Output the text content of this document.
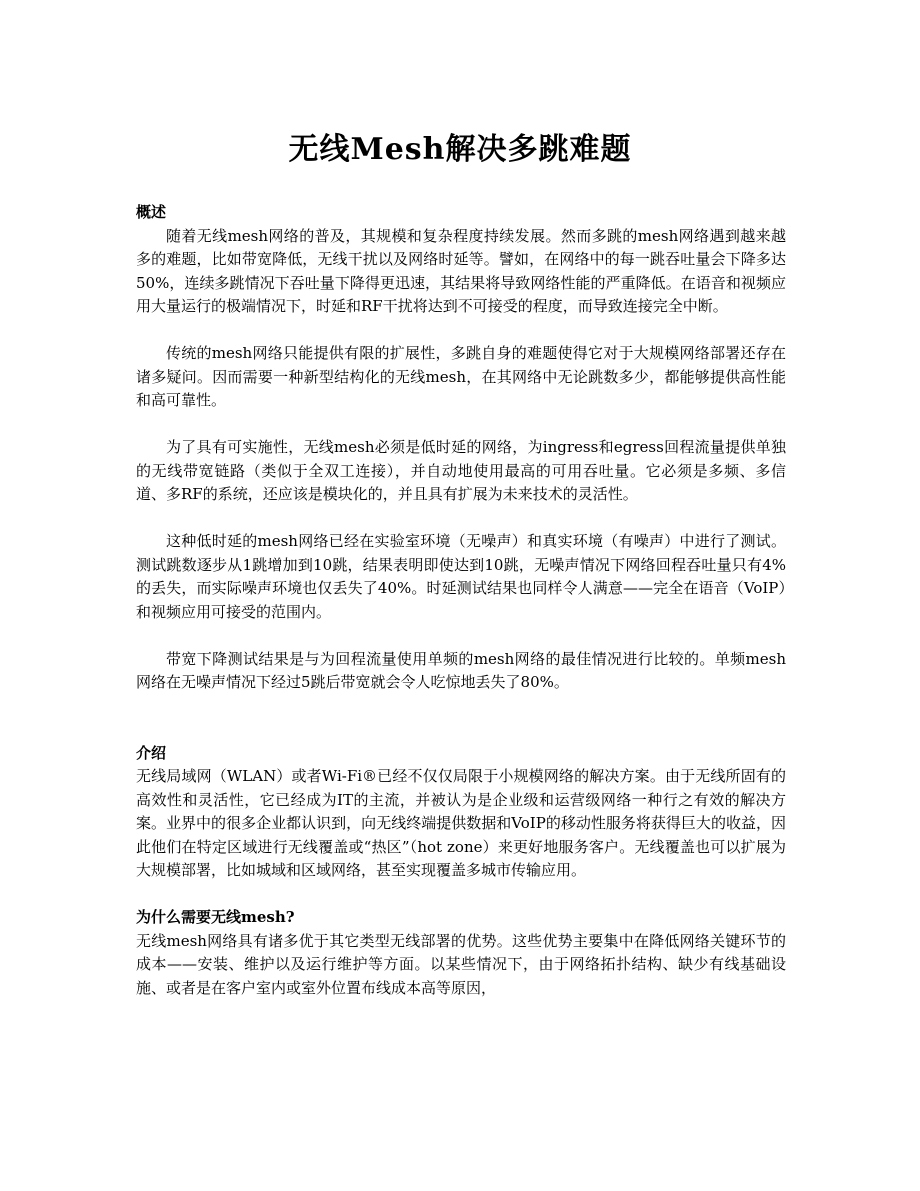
无线Mesh解决多跳难题

概述

随着无线mesh网络的普及，其规模和复杂程度持续发展。然而多跳的mesh网络遇到越来越多的难题，比如带宽降低，无线干扰以及网络时延等。譬如，在网络中的每一跳吞吐量会下降多达50%，连续多跳情况下吞吐量下降得更迅速，其结果将导致网络性能的严重降低。在语音和视频应用大量运行的极端情况下，时延和RF干扰将达到不可接受的程度，而导致连接完全中断。

传统的mesh网络只能提供有限的扩展性，多跳自身的难题使得它对于大规模网络部署还存在诸多疑问。因而需要一种新型结构化的无线mesh，在其网络中无论跳数多少，都能够提供高性能和高可靠性。

为了具有可实施性，无线mesh必须是低时延的网络，为ingress和egress回程流量提供单独的无线带宽链路（类似于全双工连接），并自动地使用最高的可用吞吐量。它必须是多频、多信道、多RF的系统，还应该是模块化的，并且具有扩展为未来技术的灵活性。

这种低时延的mesh网络已经在实验室环境（无噪声）和真实环境（有噪声）中进行了测试。测试跳数逐步从1跳增加到10跳，结果表明即使达到10跳，无噪声情况下网络回程吞吐量只有4%的丢失，而实际噪声环境也仅丢失了40%。时延测试结果也同样令人满意——完全在语音（VoIP）和视频应用可接受的范围内。

带宽下降测试结果是与为回程流量使用单频的mesh网络的最佳情况进行比较的。单频mesh网络在无噪声情况下经过5跳后带宽就会令人吃惊地丢失了80%。

介绍

无线局域网（WLAN）或者Wi-Fi®已经不仅仅局限于小规模网络的解决方案。由于无线所固有的高效性和灵活性，它已经成为IT的主流，并被认为是企业级和运营级网络一种行之有效的解决方案。业界中的很多企业都认识到，向无线终端提供数据和VoIP的移动性服务将获得巨大的收益，因此他们在特定区域进行无线覆盖或“热区”（hot zone）来更好地服务客户。无线覆盖也可以扩展为大规模部署，比如城域和区域网络，甚至实现覆盖多城市传输应用。

为什么需要无线mesh?

无线mesh网络具有诸多优于其它类型无线部署的优势。这些优势主要集中在降低网络关键环节的成本——安装、维护以及运行维护等方面。以某些情况下，由于网络拓扑结构、缺少有线基础设施、或者是在客户室内或室外位置布线成本高等原因，
